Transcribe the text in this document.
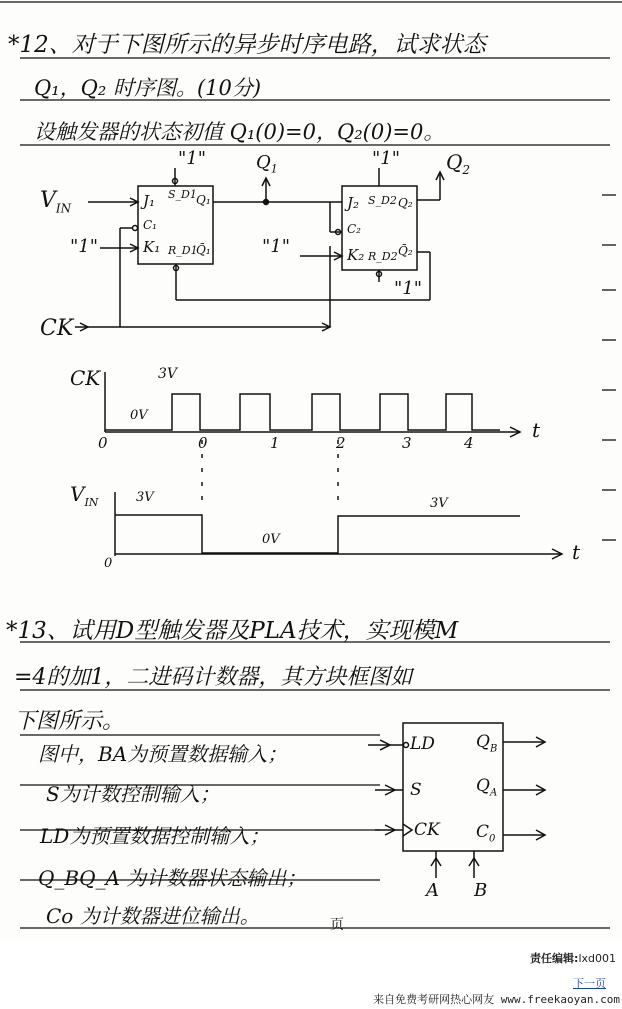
*12、对于下图所示的异步时序电路，试求状态
Q₁，Q₂ 时序图。(10分)
设触发器的状态初值 Q₁(0)=0，Q₂(0)=0。
$V_{IN}$
"1"
"1"
"1"
"1"
"1"
CK
$Q_1$	$Q_2$
J₁
C₁
K₁
S_D1
R_D1
Q₁
Q̄₁
J₂
C₂
K₂
S_D2
R_D2
Q₂
Q̄₂
CK	3V
0V
0	0	1	2	3	4
t
$V_{IN}$	3V
0V
3V
0	t
*13、试用D型触发器及PLA技术，实现模M
=4的加1，二进码计数器，其方块框图如
下图所示。
图中，BA为预置数据输入；
S为计数控制输入；
LD为预置数据控制输入；
Q_BQ_A 为计数器状态输出；
Co 为计数器进位输出。	页
LD
S
CK
$Q_B$
$Q_A$
$C_0$
A B
责任编辑:lxd001
下一页
来自免费考研网热心网友 www.freekaoyan.com
